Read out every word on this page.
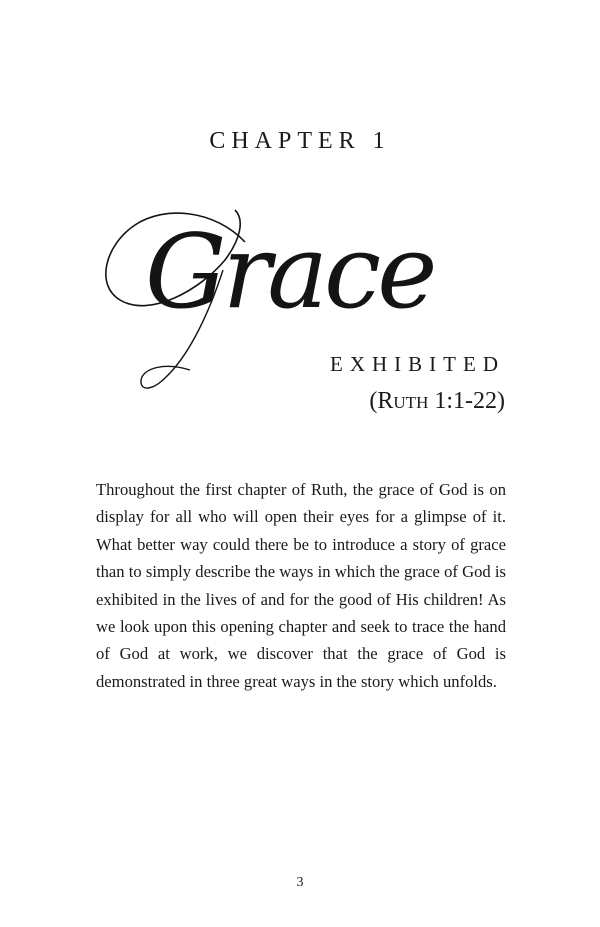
CHAPTER 1
Grace
EXHIBITED
(Ruth 1:1-22)

Throughout the first chapter of Ruth, the grace of God is on display for all who will open their eyes for a glimpse of it. What better way could there be to introduce a story of grace than to simply describe the ways in which the grace of God is exhibited in the lives of and for the good of His children! As we look upon this opening chapter and seek to trace the hand of God at work, we discover that the grace of God is demonstrated in three great ways in the story which unfolds.

3
